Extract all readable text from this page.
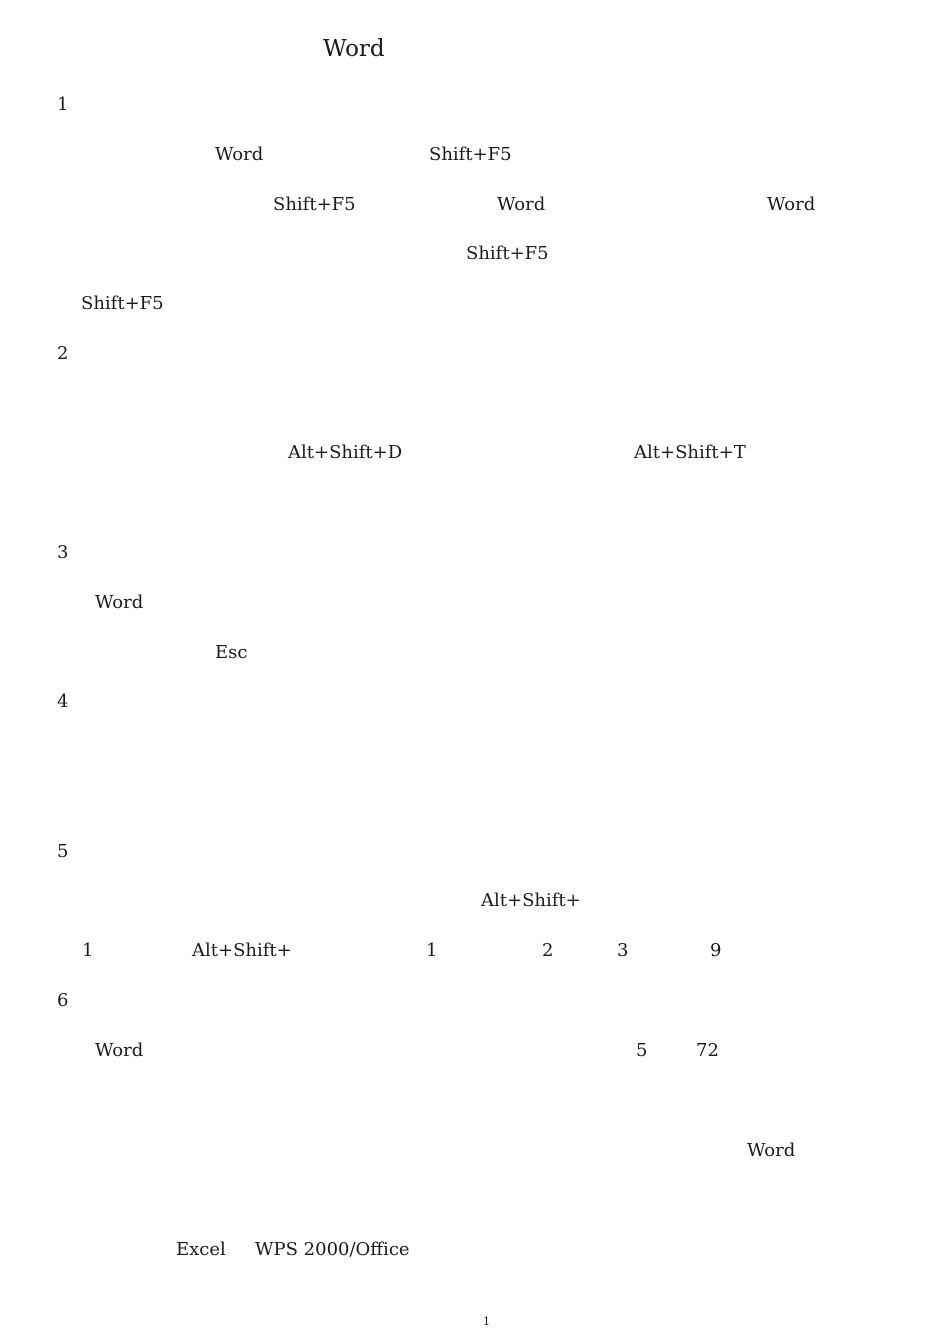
Word
1
Word	Shift+F5
Shift+F5	Word	Word
Shift+F5
Shift+F5
2
Alt+Shift+D	Alt+Shift+T
3
Word
Esc
4
5
Alt+Shift+
1	Alt+Shift+	1	2	3	9
6
Word	5	72
Word
Excel WPS 2000/Office
1
